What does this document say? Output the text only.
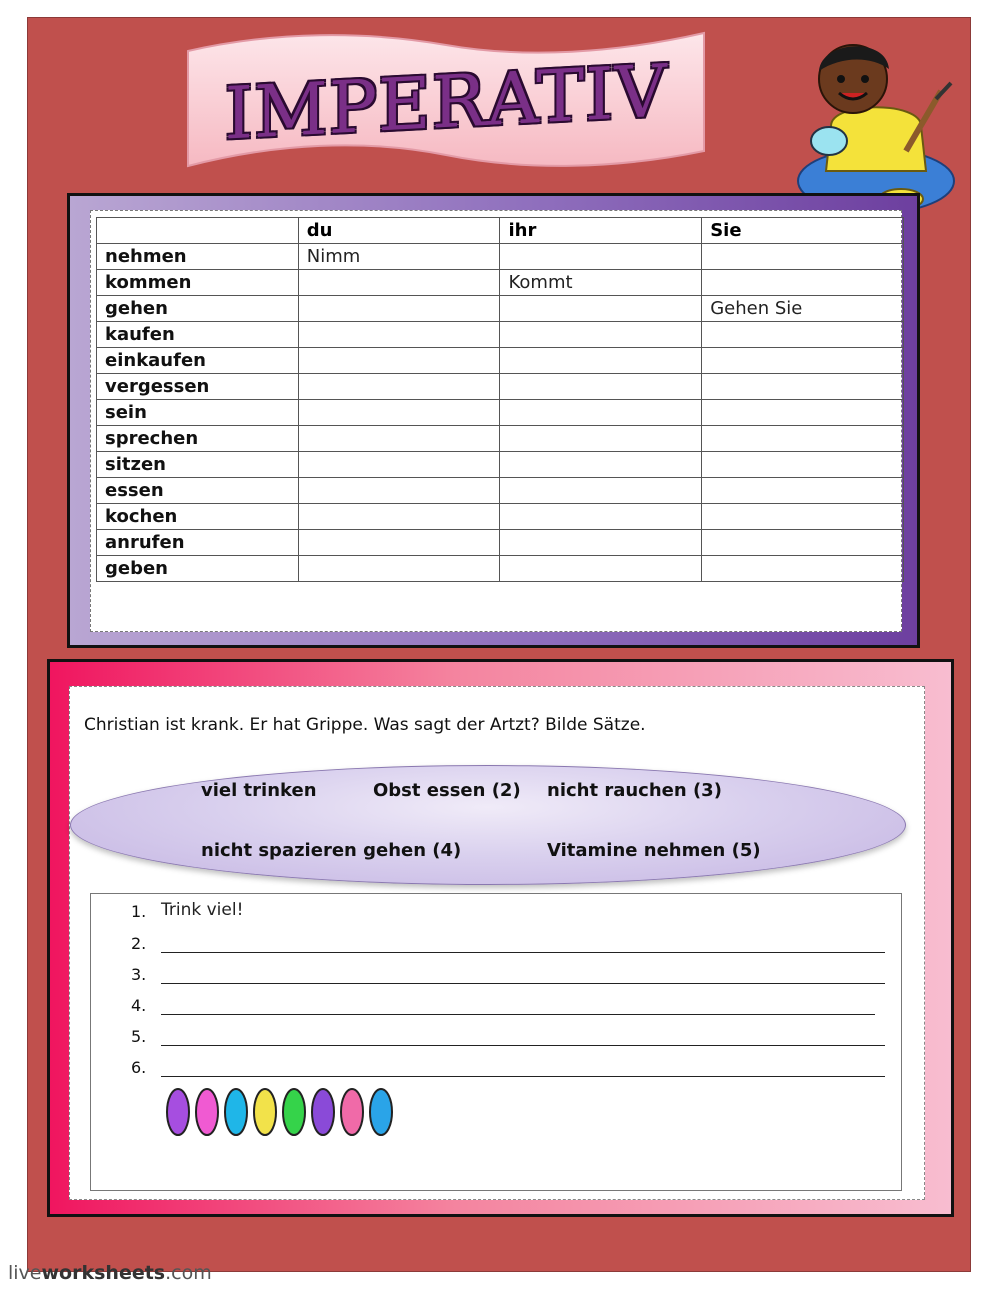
IMPERATIV
	du	ihr	Sie
nehmen	Nimm		
kommen		Kommt	
gehen			Gehen Sie
kaufen			
einkaufen			
vergessen			
sein			
sprechen			
sitzen			
essen			
kochen			
anrufen			
geben			
Christian ist krank. Er hat Grippe. Was sagt der Artzt? Bilde Sätze.
viel trinken	Obst essen (2) nicht rauchen (3)
nicht spazieren gehen (4)	Vitamine nehmen (5)
1. Trink viel!
2.
3.
4.
5.
6.
liveworksheets.com
